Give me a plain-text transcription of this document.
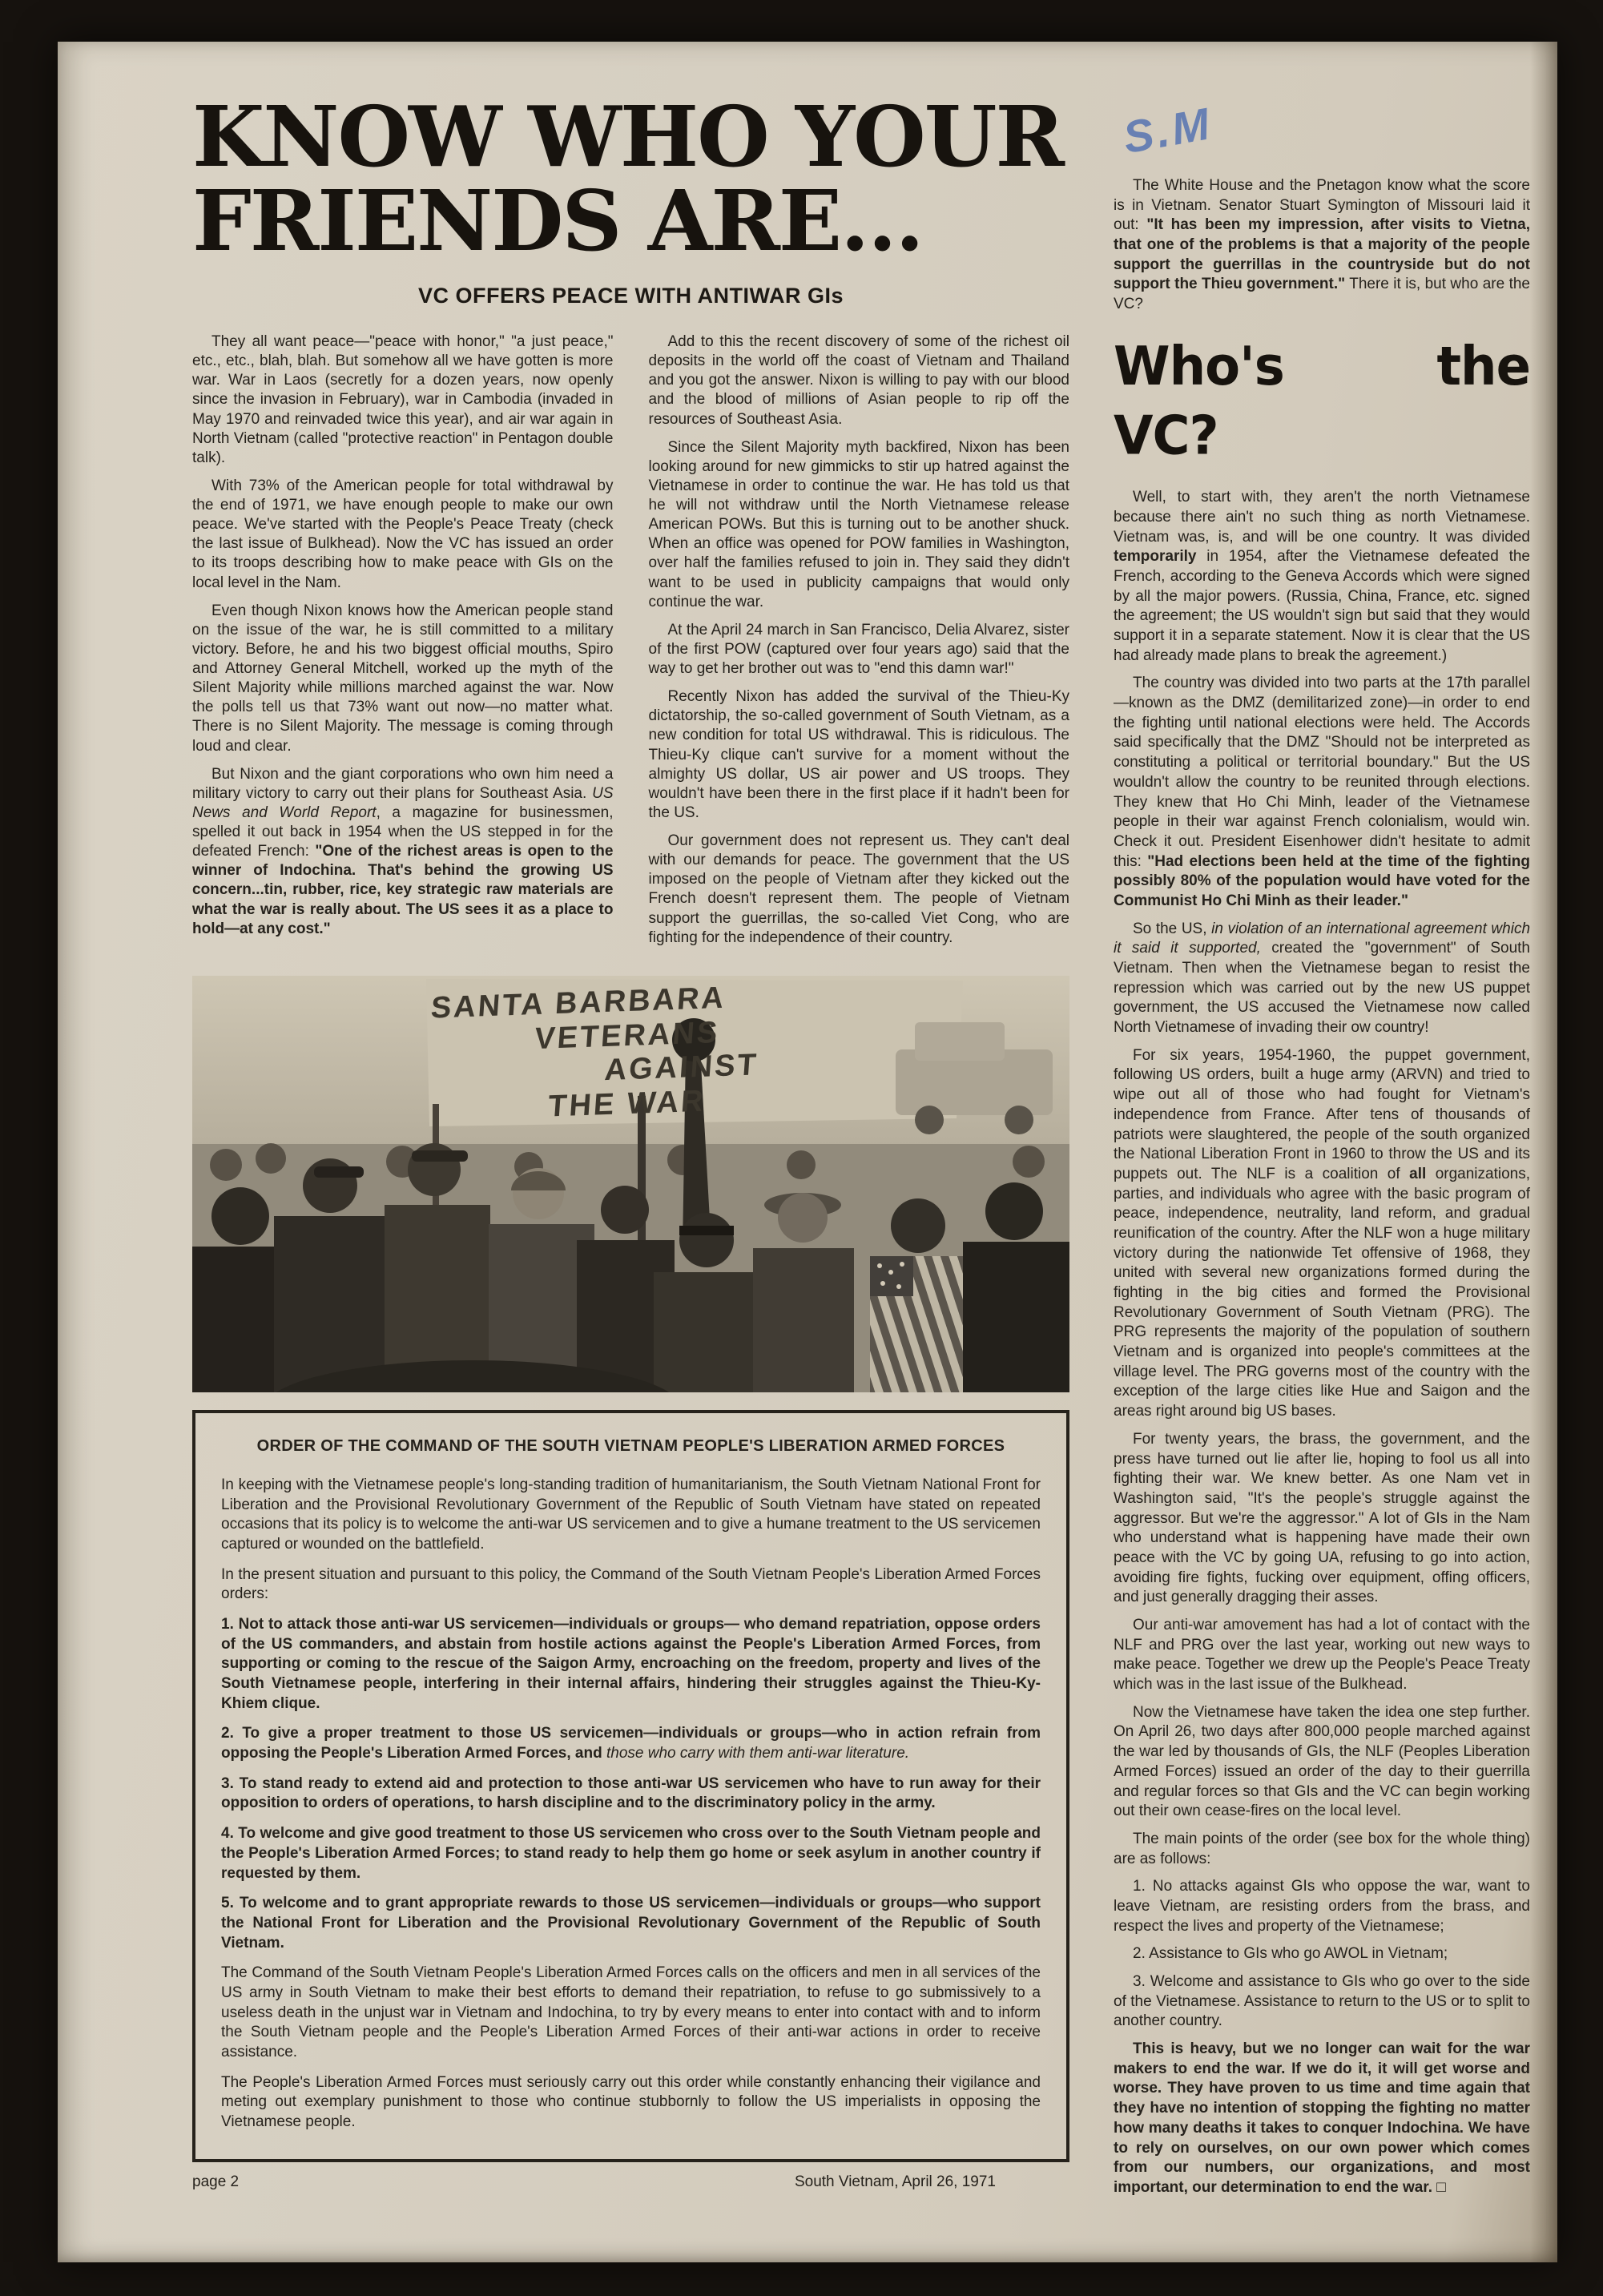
S.M
KNOW WHO YOUR
FRIENDS ARE...
VC OFFERS PEACE WITH ANTIWAR GIs

They all want peace—"peace with honor," "a just peace," etc., etc., blah, blah. But somehow all we have gotten is more war. War in Laos (secretly for a dozen years, now openly since the invasion in February), war in Cambodia (invaded in May 1970 and reinvaded twice this year), and air war again in North Vietnam (called "protective reaction" in Pentagon double talk).

With 73% of the American people for total withdrawal by the end of 1971, we have enough people to make our own peace. We've started with the People's Peace Treaty (check the last issue of Bulkhead). Now the VC has issued an order to its troops describing how to make peace with GIs on the local level in the Nam.

Even though Nixon knows how the American people stand on the issue of the war, he is still committed to a military victory. Before, he and his two biggest official mouths, Spiro and Attorney General Mitchell, worked up the myth of the Silent Majority while millions marched against the war. Now the polls tell us that 73% want out now—no matter what. There is no Silent Majority. The message is coming through loud and clear.

But Nixon and the giant corporations who own him need a military victory to carry out their plans for Southeast Asia. US News and World Report, a magazine for businessmen, spelled it out back in 1954 when the US stepped in for the defeated French: "One of the richest areas is open to the winner of Indochina. That's behind the growing US concern...tin, rubber, rice, key strategic raw materials are what the war is really about. The US sees it as a place to hold—at any cost."

Add to this the recent discovery of some of the richest oil deposits in the world off the coast of Vietnam and Thailand and you got the answer. Nixon is willing to pay with our blood and the blood of millions of Asian people to rip off the resources of Southeast Asia.

Since the Silent Majority myth backfired, Nixon has been looking around for new gimmicks to stir up hatred against the Vietnamese in order to continue the war. He has told us that he will not withdraw until the North Vietnamese release American POWs. But this is turning out to be another shuck. When an office was opened for POW families in Washington, over half the families refused to join in. They said they didn't want to be used in publicity campaigns that would only continue the war.

At the April 24 march in San Francisco, Delia Alvarez, sister of the first POW (captured over four years ago) said that the way to get her brother out was to "end this damn war!"

Recently Nixon has added the survival of the Thieu-Ky dictatorship, the so-called government of South Vietnam, as a new condition for total US withdrawal. This is ridiculous. The Thieu-Ky clique can't survive for a moment without the almighty US dollar, US air power and US troops. They wouldn't have been there in the first place if it hadn't been for the US.

Our government does not represent us. They can't deal with our demands for peace. The government that the US imposed on the people of Vietnam after they kicked out the French doesn't represent them. The people of Vietnam support the guerrillas, the so-called Viet Cong, who are fighting for the independence of their country.

SANTA BARBARA
VETERANS
AGAINST
THE WAR
ORDER OF THE COMMAND OF THE SOUTH VIETNAM PEOPLE'S LIBERATION ARMED FORCES

In keeping with the Vietnamese people's long-standing tradition of humanitarianism, the South Vietnam National Front for Liberation and the Provisional Revolutionary Government of the Republic of South Vietnam have stated on repeated occasions that its policy is to welcome the anti-war US servicemen and to give a humane treatment to the US servicemen captured or wounded on the battlefield.

In the present situation and pursuant to this policy, the Command of the South Vietnam People's Liberation Armed Forces orders:

1. Not to attack those anti-war US servicemen—individuals or groups— who demand repatriation, oppose orders of the US commanders, and abstain from hostile actions against the People's Liberation Armed Forces, from supporting or coming to the rescue of the Saigon Army, encroaching on the freedom, property and lives of the South Vietnamese people, interfering in their internal affairs, hindering their struggles against the Thieu-Ky-Khiem clique.

2. To give a proper treatment to those US servicemen—individuals or groups—who in action refrain from opposing the People's Liberation Armed Forces, and those who carry with them anti-war literature.

3. To stand ready to extend aid and protection to those anti-war US servicemen who have to run away for their opposition to orders of operations, to harsh discipline and to the discriminatory policy in the army.

4. To welcome and give good treatment to those US servicemen who cross over to the South Vietnam people and the People's Liberation Armed Forces; to stand ready to help them go home or seek asylum in another country if requested by them.

5. To welcome and to grant appropriate rewards to those US servicemen—individuals or groups—who support the National Front for Liberation and the Provisional Revolutionary Government of the Republic of South Vietnam.

The Command of the South Vietnam People's Liberation Armed Forces calls on the officers and men in all services of the US army in South Vietnam to make their best efforts to demand their repatriation, to refuse to go submissively to a useless death in the unjust war in Vietnam and Indochina, to try by every means to enter into contact with and to inform the South Vietnam people and the People's Liberation Armed Forces of their anti-war actions in order to receive assistance.

The People's Liberation Armed Forces must seriously carry out this order while constantly enhancing their vigilance and meting out exemplary punishment to those who continue stubbornly to follow the US imperialists in opposing the Vietnamese people.

page 2	South Vietnam, April 26, 1971

The White House and the Pnetagon know what the score is in Vietnam. Senator Stuart Symington of Missouri laid it out: "It has been my impression, after visits to Vietna, that one of the problems is that a majority of the people support the guerrillas in the countryside but do not support the Thieu government." There it is, but who are the VC?

Who's the VC?

Well, to start with, they aren't the north Vietnamese because there ain't no such thing as north Vietnamese. Vietnam was, is, and will be one country. It was divided temporarily in 1954, after the Vietnamese defeated the French, according to the Geneva Accords which were signed by all the major powers. (Russia, China, France, etc. signed the agreement; the US wouldn't sign but said that they would support it in a separate statement. Now it is clear that the US had already made plans to break the agreement.)

The country was divided into two parts at the 17th parallel—known as the DMZ (demilitarized zone)—in order to end the fighting until national elections were held. The Accords said specifically that the DMZ "Should not be interpreted as constituting a political or territorial boundary." But the US wouldn't allow the country to be reunited through elections. They knew that Ho Chi Minh, leader of the Vietnamese people in their war against French colonialism, would win. Check it out. President Eisenhower didn't hesitate to admit this: "Had elections been held at the time of the fighting possibly 80% of the population would have voted for the Communist Ho Chi Minh as their leader."

So the US, in violation of an international agreement which it said it supported, created the "government" of South Vietnam. Then when the Vietnamese began to resist the repression which was carried out by the new US puppet government, the US accused the Vietnamese now called North Vietnamese of invading their ow country!

For six years, 1954-1960, the puppet government, following US orders, built a huge army (ARVN) and tried to wipe out all of those who had fought for Vietnam's independence from France. After tens of thousands of patriots were slaughtered, the people of the south organized the National Liberation Front in 1960 to throw the US and its puppets out. The NLF is a coalition of all organizations, parties, and individuals who agree with the basic program of peace, independence, neutrality, land reform, and gradual reunification of the country. After the NLF won a huge military victory during the nationwide Tet offensive of 1968, they united with several new organizations formed during the fighting in the big cities and formed the Provisional Revolutionary Government of South Vietnam (PRG). The PRG represents the majority of the population of southern Vietnam and is organized into people's committees at the village level. The PRG governs most of the country with the exception of the large cities like Hue and Saigon and the areas right around big US bases.

For twenty years, the brass, the government, and the press have turned out lie after lie, hoping to fool us all into fighting their war. We knew better. As one Nam vet in Washington said, "It's the people's struggle against the aggressor. But we're the aggressor." A lot of GIs in the Nam who understand what is happening have made their own peace with the VC by going UA, refusing to go into action, avoiding fire fights, fucking over equipment, offing officers, and just generally dragging their asses.

Our anti-war amovement has had a lot of contact with the NLF and PRG over the last year, working out new ways to make peace. Together we drew up the People's Peace Treaty which was in the last issue of the Bulkhead.

Now the Vietnamese have taken the idea one step further. On April 26, two days after 800,000 people marched against the war led by thousands of GIs, the NLF (Peoples Liberation Armed Forces) issued an order of the day to their guerrilla and regular forces so that GIs and the VC can begin working out their own cease-fires on the local level.

The main points of the order (see box for the whole thing) are as follows:

1. No attacks against GIs who oppose the war, want to leave Vietnam, are resisting orders from the brass, and respect the lives and property of the Vietnamese;

2. Assistance to GIs who go AWOL in Vietnam;

3. Welcome and assistance to GIs who go over to the side of the Vietnamese. Assistance to return to the US or to split to another country.

This is heavy, but we no longer can wait for the war makers to end the war. If we do it, it will get worse and worse. They have proven to us time and time again that they have no intention of stopping the fighting no matter how many deaths it takes to conquer Indochina. We have to rely on ourselves, on our own power which comes from our numbers, our organizations, and most important, our determination to end the war. □
